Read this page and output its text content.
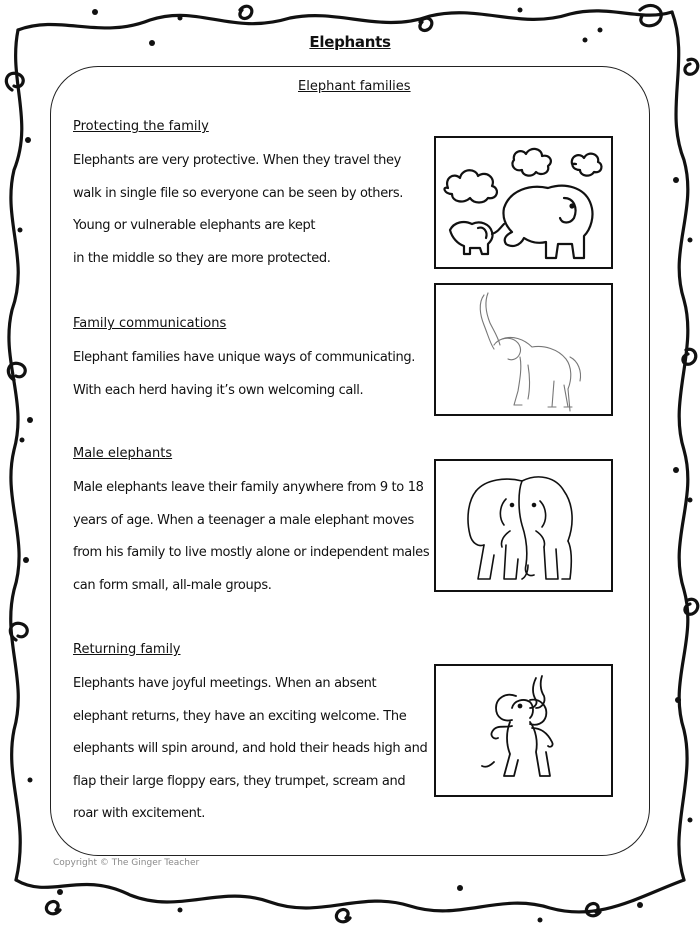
Elephants
Elephant families
Protecting the family

Elephants are very protective. When they travel they
walk in single file so everyone can be seen by others.
Young or vulnerable elephants are kept
in the middle so they are more protected.

Family communications

Elephant families have unique ways of communicating.
With each herd having it’s own welcoming call.

Male elephants

Male elephants leave their family anywhere from 9 to 18
years of age. When a teenager a male elephant moves
from his family to live mostly alone or independent males
can form small, all-male groups.

Returning family

Elephants have joyful meetings. When an absent
elephant returns, they have an exciting welcome. The
elephants will spin around, and hold their heads high and
flap their large floppy ears, they trumpet, scream and
roar with excitement.

Copyright © The Ginger Teacher
